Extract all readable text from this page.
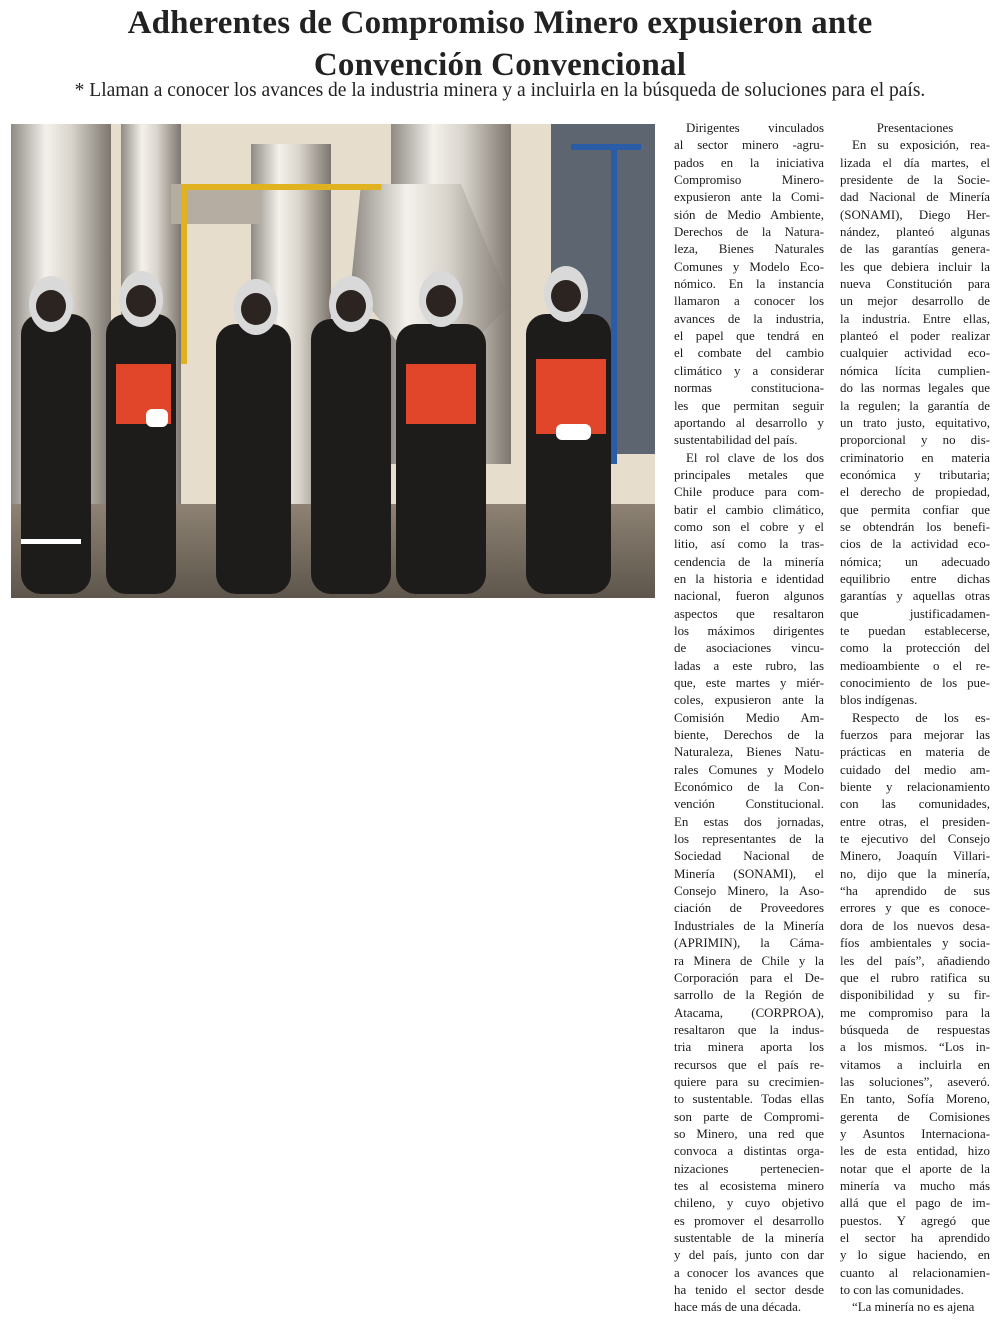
Adherentes de Compromiso Minero expusieron ante
Convención Convencional
* Llaman a conocer los avances de la industria minera y a incluirla en la búsqueda de soluciones para el país.
Dirigentes vinculados
al sector minero -agru-
pados en la iniciativa
Compromiso Minero-
expusieron ante la Comi-
sión de Medio Ambiente,
Derechos de la Natura-
leza, Bienes Naturales
Comunes y Modelo Eco-
nómico. En la instancia
llamaron a conocer los
avances de la industria,
el papel que tendrá en
el combate del cambio
climático y a considerar
normas constituciona-
les que permitan seguir
aportando al desarrollo y
sustentabilidad del país.
El rol clave de los dos
principales metales que
Chile produce para com-
batir el cambio climático,
como son el cobre y el
litio, así como la tras-
cendencia de la minería
en la historia e identidad
nacional, fueron algunos
aspectos que resaltaron
los máximos dirigentes
de asociaciones vincu-
ladas a este rubro, las
que, este martes y miér-
coles, expusieron ante la
Comisión Medio Am-
biente, Derechos de la
Naturaleza, Bienes Natu-
rales Comunes y Modelo
Económico de la Con-
vención Constitucional.
En estas dos jornadas,
los representantes de la
Sociedad Nacional de
Minería (SONAMI), el
Consejo Minero, la Aso-
ciación de Proveedores
Industriales de la Minería
(APRIMIN), la Cáma-
ra Minera de Chile y la
Corporación para el De-
sarrollo de la Región de
Atacama, (CORPROA),
resaltaron que la indus-
tria minera aporta los
recursos que el país re-
quiere para su crecimien-
to sustentable. Todas ellas
son parte de Compromi-
so Minero, una red que
convoca a distintas orga-
nizaciones pertenecien-
tes al ecosistema minero
chileno, y cuyo objetivo
es promover el desarrollo
sustentable de la minería
y del país, junto con dar
a conocer los avances que
ha tenido el sector desde
hace más de una década.
Presentaciones
En su exposición, rea-
lizada el día martes, el
presidente de la Socie-
dad Nacional de Minería
(SONAMI), Diego Her-
nández, planteó algunas
de las garantías genera-
les que debiera incluir la
nueva Constitución para
un mejor desarrollo de
la industria. Entre ellas,
planteó el poder realizar
cualquier actividad eco-
nómica lícita cumplien-
do las normas legales que
la regulen; la garantía de
un trato justo, equitativo,
proporcional y no dis-
criminatorio en materia
económica y tributaria;
el derecho de propiedad,
que permita confiar que
se obtendrán los benefi-
cios de la actividad eco-
nómica; un adecuado
equilibrio entre dichas
garantías y aquellas otras
que justificadamen-
te puedan establecerse,
como la protección del
medioambiente o el re-
conocimiento de los pue-
blos indígenas.
Respecto de los es-
fuerzos para mejorar las
prácticas en materia de
cuidado del medio am-
biente y relacionamiento
con las comunidades,
entre otras, el presiden-
te ejecutivo del Consejo
Minero, Joaquín Villari-
no, dijo que la minería,
“ha aprendido de sus
errores y que es conoce-
dora de los nuevos desa-
fíos ambientales y socia-
les del país”, añadiendo
que el rubro ratifica su
disponibilidad y su fir-
me compromiso para la
búsqueda de respuestas
a los mismos. “Los in-
vitamos a incluirla en
las soluciones”, aseveró.
En tanto, Sofía Moreno,
gerenta de Comisiones
y Asuntos Internaciona-
les de esta entidad, hizo
notar que el aporte de la
minería va mucho más
allá que el pago de im-
puestos. Y agregó que
el sector ha aprendido
y lo sigue haciendo, en
cuanto al relacionamien-
to con las comunidades.
“La minería no es ajena
